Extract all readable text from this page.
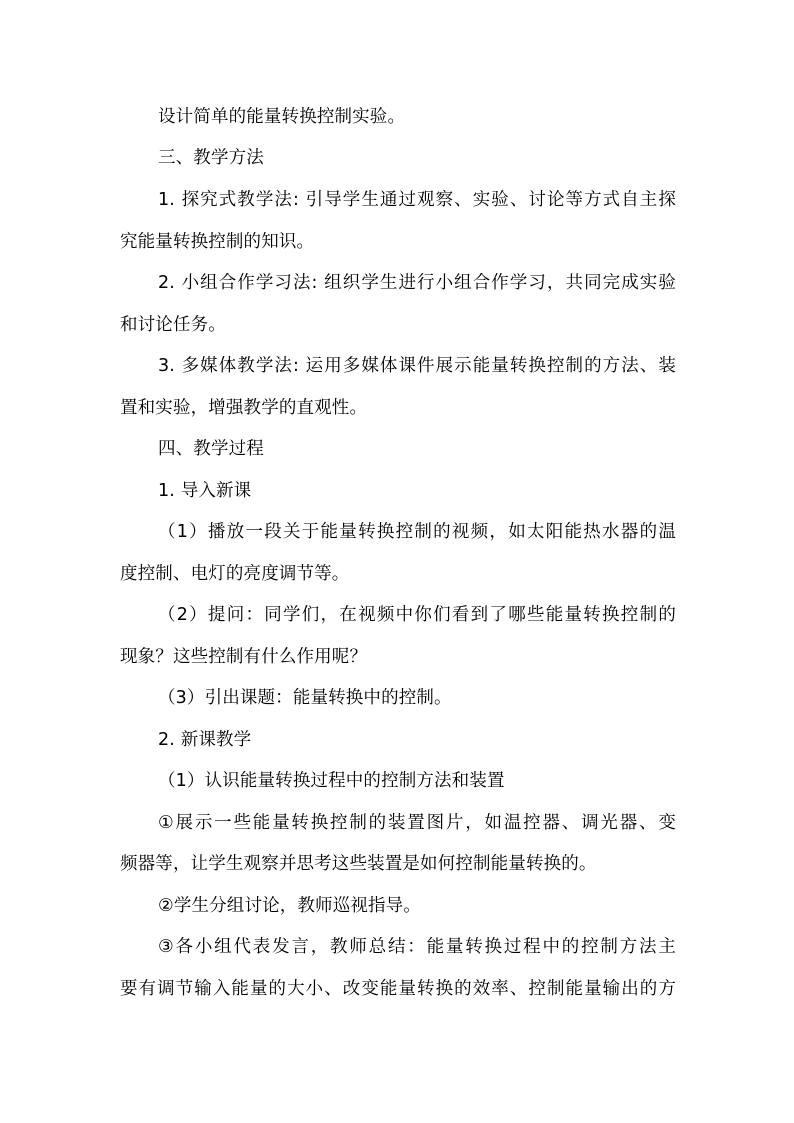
设计简单的能量转换控制实验。
三、教学方法
1. 探究式教学法: 引导学生通过观察、实验、讨论等方式自主探
究能量转换控制的知识。
2. 小组合作学习法: 组织学生进行小组合作学习，共同完成实验
和讨论任务。
3. 多媒体教学法: 运用多媒体课件展示能量转换控制的方法、装
置和实验，增强教学的直观性。
四、教学过程
1. 导入新课
（1）播放一段关于能量转换控制的视频，如太阳能热水器的温
度控制、电灯的亮度调节等。
（2）提问：同学们，在视频中你们看到了哪些能量转换控制的
现象？这些控制有什么作用呢？
（3）引出课题：能量转换中的控制。
2. 新课教学
（1）认识能量转换过程中的控制方法和装置
①展示一些能量转换控制的装置图片，如温控器、调光器、变
频器等，让学生观察并思考这些装置是如何控制能量转换的。
②学生分组讨论，教师巡视指导。
③各小组代表发言，教师总结：能量转换过程中的控制方法主
要有调节输入能量的大小、改变能量转换的效率、控制能量输出的方
